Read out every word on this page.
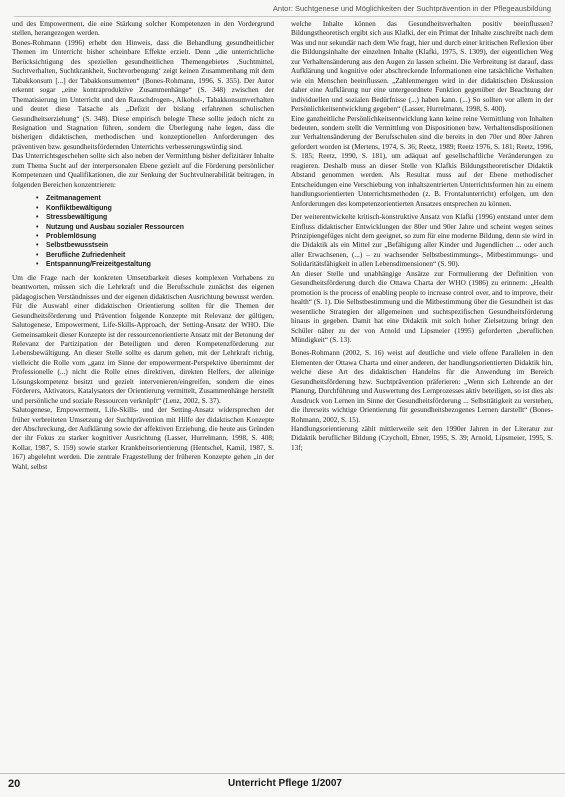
Antor: Suchtgenese und Möglichkeiten der Suchtprävention in der Pflegeausbildung

und des Empowerment, die eine Stärkung solcher Kompetenzen in den Vordergrund stellen, herangezogen werden.

Bones-Rohmann (1996) erhebt den Hinweis, dass die Behandlung gesundheitlicher Themen im Unterricht bisher scheinbare Effekte erzielt. Denn „die unterrichtliche Berücksichtigung des speziellen gesundheitlichen Themengebietes ‚Suchtmittel, Suchtverhalten, Suchtkrankheit, Suchtvorbeugung‘ zeigt keinen Zusammenhang mit dem Tabakkonsum [...] der Tabakkonsumenten“ (Bones-Rohmann, 1996, S. 355). Der Autor erkennt sogar „eine kontraproduktive Zusammenhänge“ (S. 348) zwischen der Thematisierung im Unterricht und den Rauschdrogen-, Alkohol-, Tabakkonsumverhalten und deutet diese Tatsache als „Defizit der bislang erfahrenen schulischen Gesundheitserziehung“ (S. 348). Diese empirisch belegte These sollte jedoch nicht zu Resignation und Stagnation führen, sondern die Überlegung nahe legen, dass die bisherigen didaktischen, methodischen und konzeptionellen Anforderungen des präventiven bzw. gesundheitsfördernden Unterrichts verbesserungswürdig sind.

Das Unterrichtsgeschehen sollte sich also neben der Vermittlung bisher defizitärer Inhalte zum Thema Sucht auf der interpersonalen Ebene gezielt auf die Förderung persönlicher Kompetenzen und Qualifikationen, die zur Senkung der Suchtvulnerabilität beitragen, in folgenden Bereichen konzentrieren:

• Zeitmanagement
• Konfliktbewältigung
• Stressbewältigung
• Nutzung und Ausbau sozialer Ressourcen
• Problemlösung
• Selbstbewusstsein
• Berufliche Zufriedenheit
• Entspannung/Freizeitgestaltung

Um die Frage nach der konkreten Umsetzbarkeit dieses komplexen Vorhabens zu beantworten, müssen sich die Lehrkraft und die Berufsschule zunächst des eigenen pädagogischen Verständnisses und der eigenen didaktischen Ausrichtung bewusst werden. Für die Auswahl einer didaktischen Orientierung sollten für die Themen der Gesundheitsförderung und Prävention folgende Konzepte mit Relevanz der gültigen, Salutogenese, Empowerment, Life-Skills-Approach, der Setting-Ansatz der WHO. Die Gemeinsamkeit dieser Konzepte ist der ressourcenorientierte Ansatz mit der Betonung der Relevanz der Partizipation der Beteiligten und deren Kompetenzförderung zur Lebensbewältigung. An dieser Stelle sollte es darum gehen, mit der Lehrkraft richtig, vielleicht die Rolle vom „ganz im Sinne der empowerment-Perspektive übernimmt der Professionelle (...) nicht die Rolle eines direktiven, direkten Helfers, der alleinige Lösungskompetenz besitzt und gezielt intervenieren/eingreifen, sondern die eines Förderers, Aktivators, Katalysators der Orientierung vermittelt, Zusammenhänge herstellt und persönliche und soziale Ressourcen verknüpft“ (Lenz, 2002, S. 37).

Salutogenese, Empowerment, Life-Skills- und der Setting-Ansatz widersprechen der früher verbreiteten Umsetzung der Suchtprävention mit Hilfe der didaktischen Konzepte der Abschreckung, der Aufklärung sowie der affektiven Erziehung, die heute aus Gründen der ihr Fokus zu starker kognitiver Ausrichtung (Lasser, Hurrelmann, 1998, S. 408; Kollar, 1987, S. 159) sowie starker Krankheitsorientierung (Hentschel, Kamil, 1987, S. 167) abgelehnt werden. Die zentrale Fragestellung der früheren Konzepte gehen „in der Wahl, selbst

welche Inhalte können das Gesundheitsverhalten positiv beeinflussen? Bildungstheoretisch ergibt sich aus Klafki, der ein Primat der Inhalte zuschreibt nach dem Was und nur sekundär nach dem Wie fragt, hier und durch einer kritischen Reflexion über die Bildungsinhalte der einzelnen Inhalte (Klafki, 1975, S. 1309), der eigentlichen Weg zur Verhaltensänderung aus den Augen zu lassen scheint. Die Verbreitung ist darauf, dass Aufklärung und kognitive oder abschreckende Informationen eine tatsächliche Verhalten wie ein Menschen beeinflussen. „Zahlenmengen wird in der didaktischen Diskussion daher eine Aufklärung nur eine untergeordnete Funktion gegenüber der Beachtung der individuellen und sozialen Bedürfnisse (...) haben kann. (...) So sollten vor allem in der Persönlichkeitsentwicklung gegeben“ (Lasser, Hurrelmann, 1998, S. 400).

Eine ganzheitliche Persönlichkeitsentwicklung kann keine reine Vermittlung von Inhalten bedeuten, sondern stellt die Vermittlung von Dispositionen bzw. Verhaltensdispositionen zur Verhaltensänderung der Berufsschulen sind die bereits in den 70er und 80er Jahren gefordert worden ist (Mertens, 1974, S. 36; Reetz, 1989; Reetz 1976, S. 181; Reetz, 1996, S. 185; Reetz, 1990, S. 181), um adäquat auf gesellschaftliche Veränderungen zu reagieren. Deshalb muss an dieser Stelle von Klafkis Bildungstheoretischer Didaktik Abstand genommen werden. Als Resultat muss auf der Ebene methodischer Entscheidungen eine Verschiebung von inhaltszentrierten Unterrichtsformen hin zu einem handlungsorientierten Unterrichtsmethoden (z. B. Frontalunterricht) erfolgen, um den Anforderungen des kompetenzorientierten Ansatzes entsprechen zu können.

Der weiterentwickelte kritisch-konstruktive Ansatz von Klafki (1996) entstand unter dem Einfluss didaktischer Entwicklungen der 80er und 90er Jahre und scheint wegen seines Prinzipiengefüges nicht dem geeignet, so zum für eine moderne Bildung, denn sie wird in die Didaktik als ein Mittel zur „Befähigung aller Kinder und Jugendlichen ... oder auch aller Erwachsenen, (...) – zu wachsender Selbstbestimmungs-, Mitbestimmungs- und Solidaritätsfähigkeit in allen Lebensdimensionen“ (S. 90).

An dieser Stelle und unabhängige Ansätze zur Formulierung der Definition von Gesundheitsförderung durch die Ottawa Charta der WHO (1986) zu erinnern: „Health promotion is the process of enabling people to increase control over, and to improve, their health“ (S. 1). Die Selbstbestimmung und die Mitbestimmung über die Gesundheit ist das wesentliche Strategien der allgemeinen und suchtspezifischen Gesundheitsförderung hinaus in gegeben. Damit hat eine Didaktik mit solch hoher Zielsetzung bringt den Schüler näher zu der von Arnold und Lipsmeier (1995) geforderten „beruflichen Mündigkeit“ (S. 13).

Bones-Rohmann (2002, S. 16) weist auf deutliche und viele offene Parallelen in den Elementen der Ottawa Charta und einer anderen, der handlungsorientierten Didaktik hin, welche diese Art des didaktischen Handelns für die Anwendung im Bereich Gesundheitsförderung bzw. Suchtprävention präferieren: „Wenn sich Lehrende an der Planung, Durchführung und Auswertung des Lernprozesses aktiv beteiligen, so ist dies als Ausdruck von Lernen im Sinne der Gesundheitsförderung ... Selbsttätigkeit zu verstehen, die ihrerseits wichtige Orientierung für gesundheitsbezogenes Lernen darstellt“ (Bones-Rohmann, 2002, S. 15).

Handlungsorientierung zählt mittlerweile seit den 1990er Jahren in der Literatur zur Didaktik beruflicher Bildung (Czycholl, Ebner, 1995, S. 39; Arnold, Lipsmeier, 1995, S. 13f;

20	Unterricht Pflege 1/2007
